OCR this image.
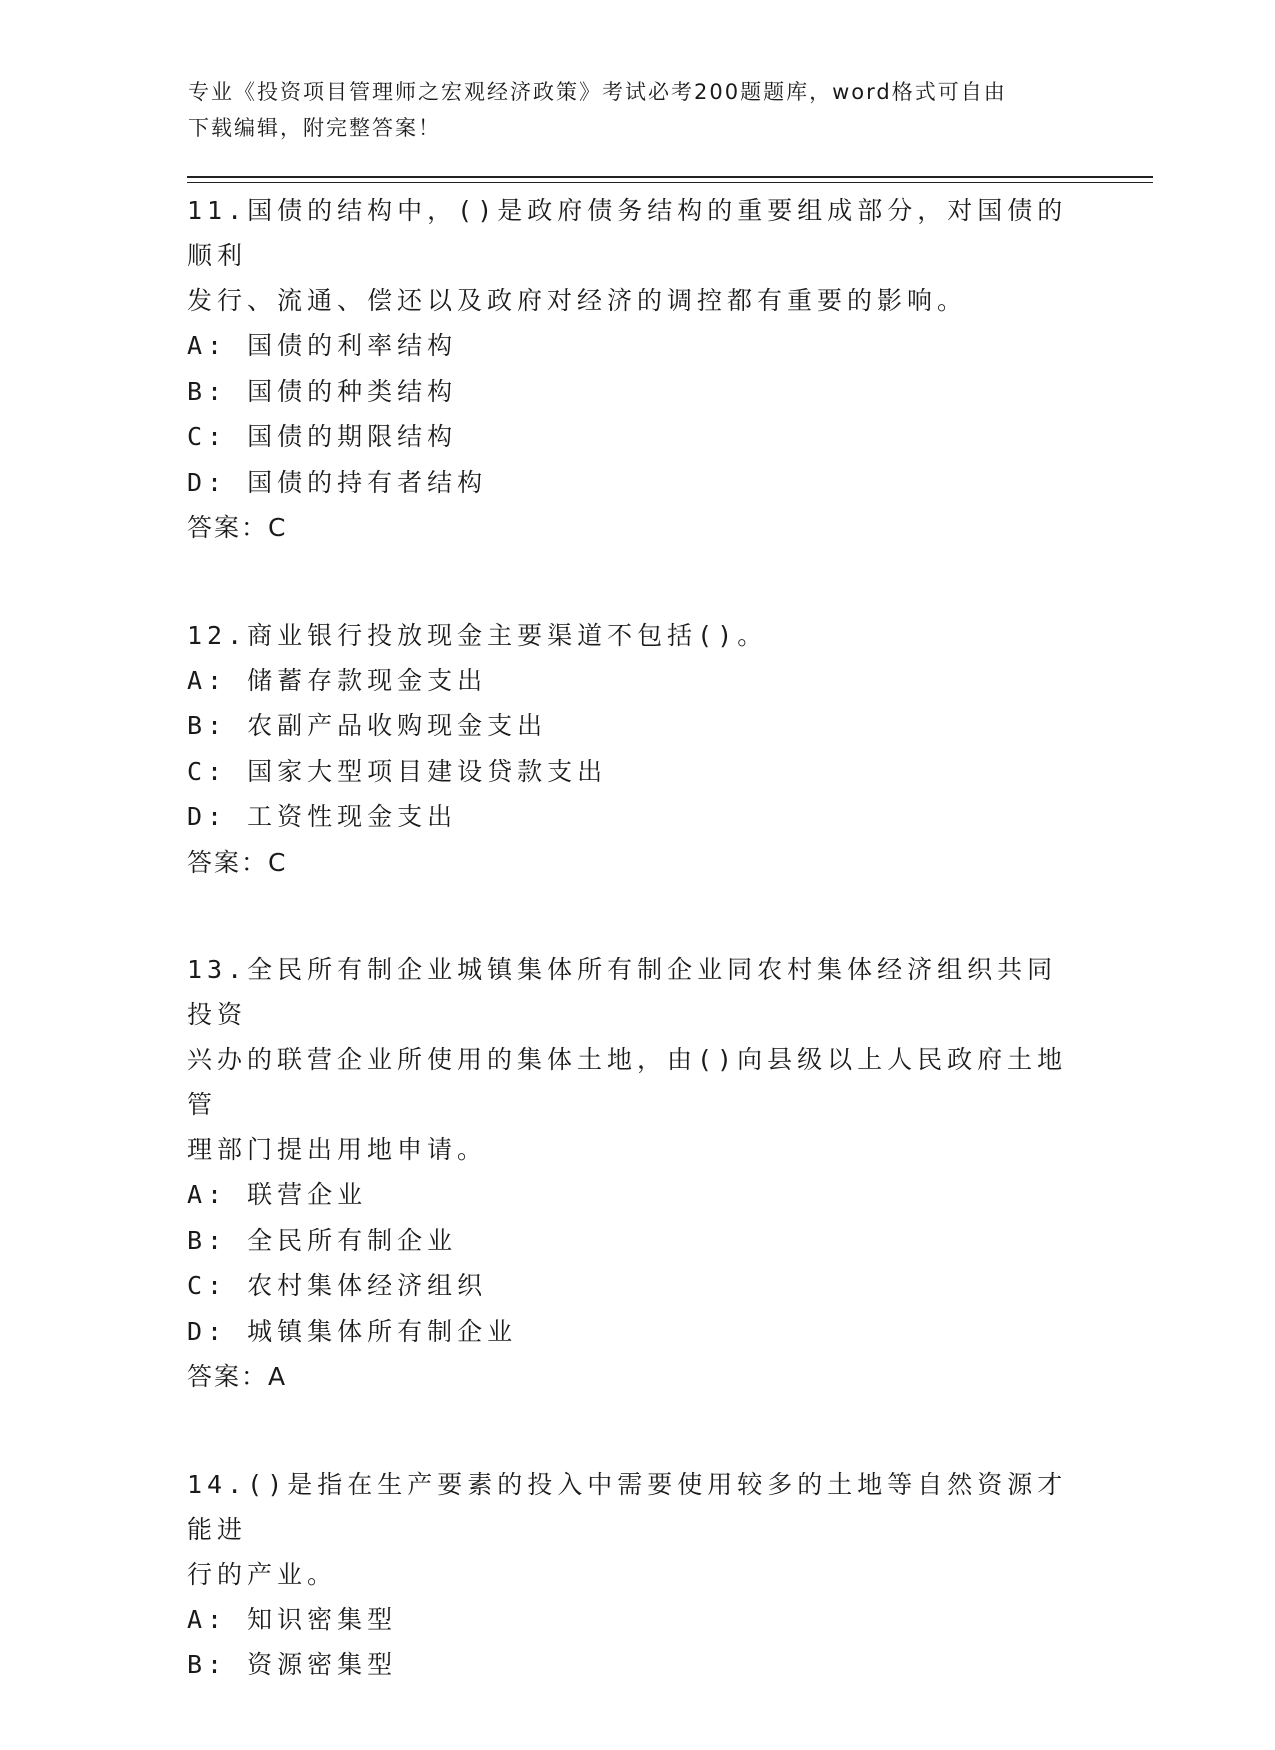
专业《投资项目管理师之宏观经济政策》考试必考200题题库，word格式可自由
下载编辑，附完整答案！
11.国债的结构中，()是政府债务结构的重要组成部分，对国债的顺利
发行、流通、偿还以及政府对经济的调控都有重要的影响。
A: 国债的利率结构
B: 国债的种类结构
C: 国债的期限结构
D: 国债的持有者结构
答案：C
12.商业银行投放现金主要渠道不包括()。
A: 储蓄存款现金支出
B: 农副产品收购现金支出
C: 国家大型项目建设贷款支出
D: 工资性现金支出
答案：C
13.全民所有制企业城镇集体所有制企业同农村集体经济组织共同投资
兴办的联营企业所使用的集体土地，由()向县级以上人民政府土地管
理部门提出用地申请。
A: 联营企业
B: 全民所有制企业
C: 农村集体经济组织
D: 城镇集体所有制企业
答案：A
14.()是指在生产要素的投入中需要使用较多的土地等自然资源才能进
行的产业。
A: 知识密集型
B: 资源密集型
